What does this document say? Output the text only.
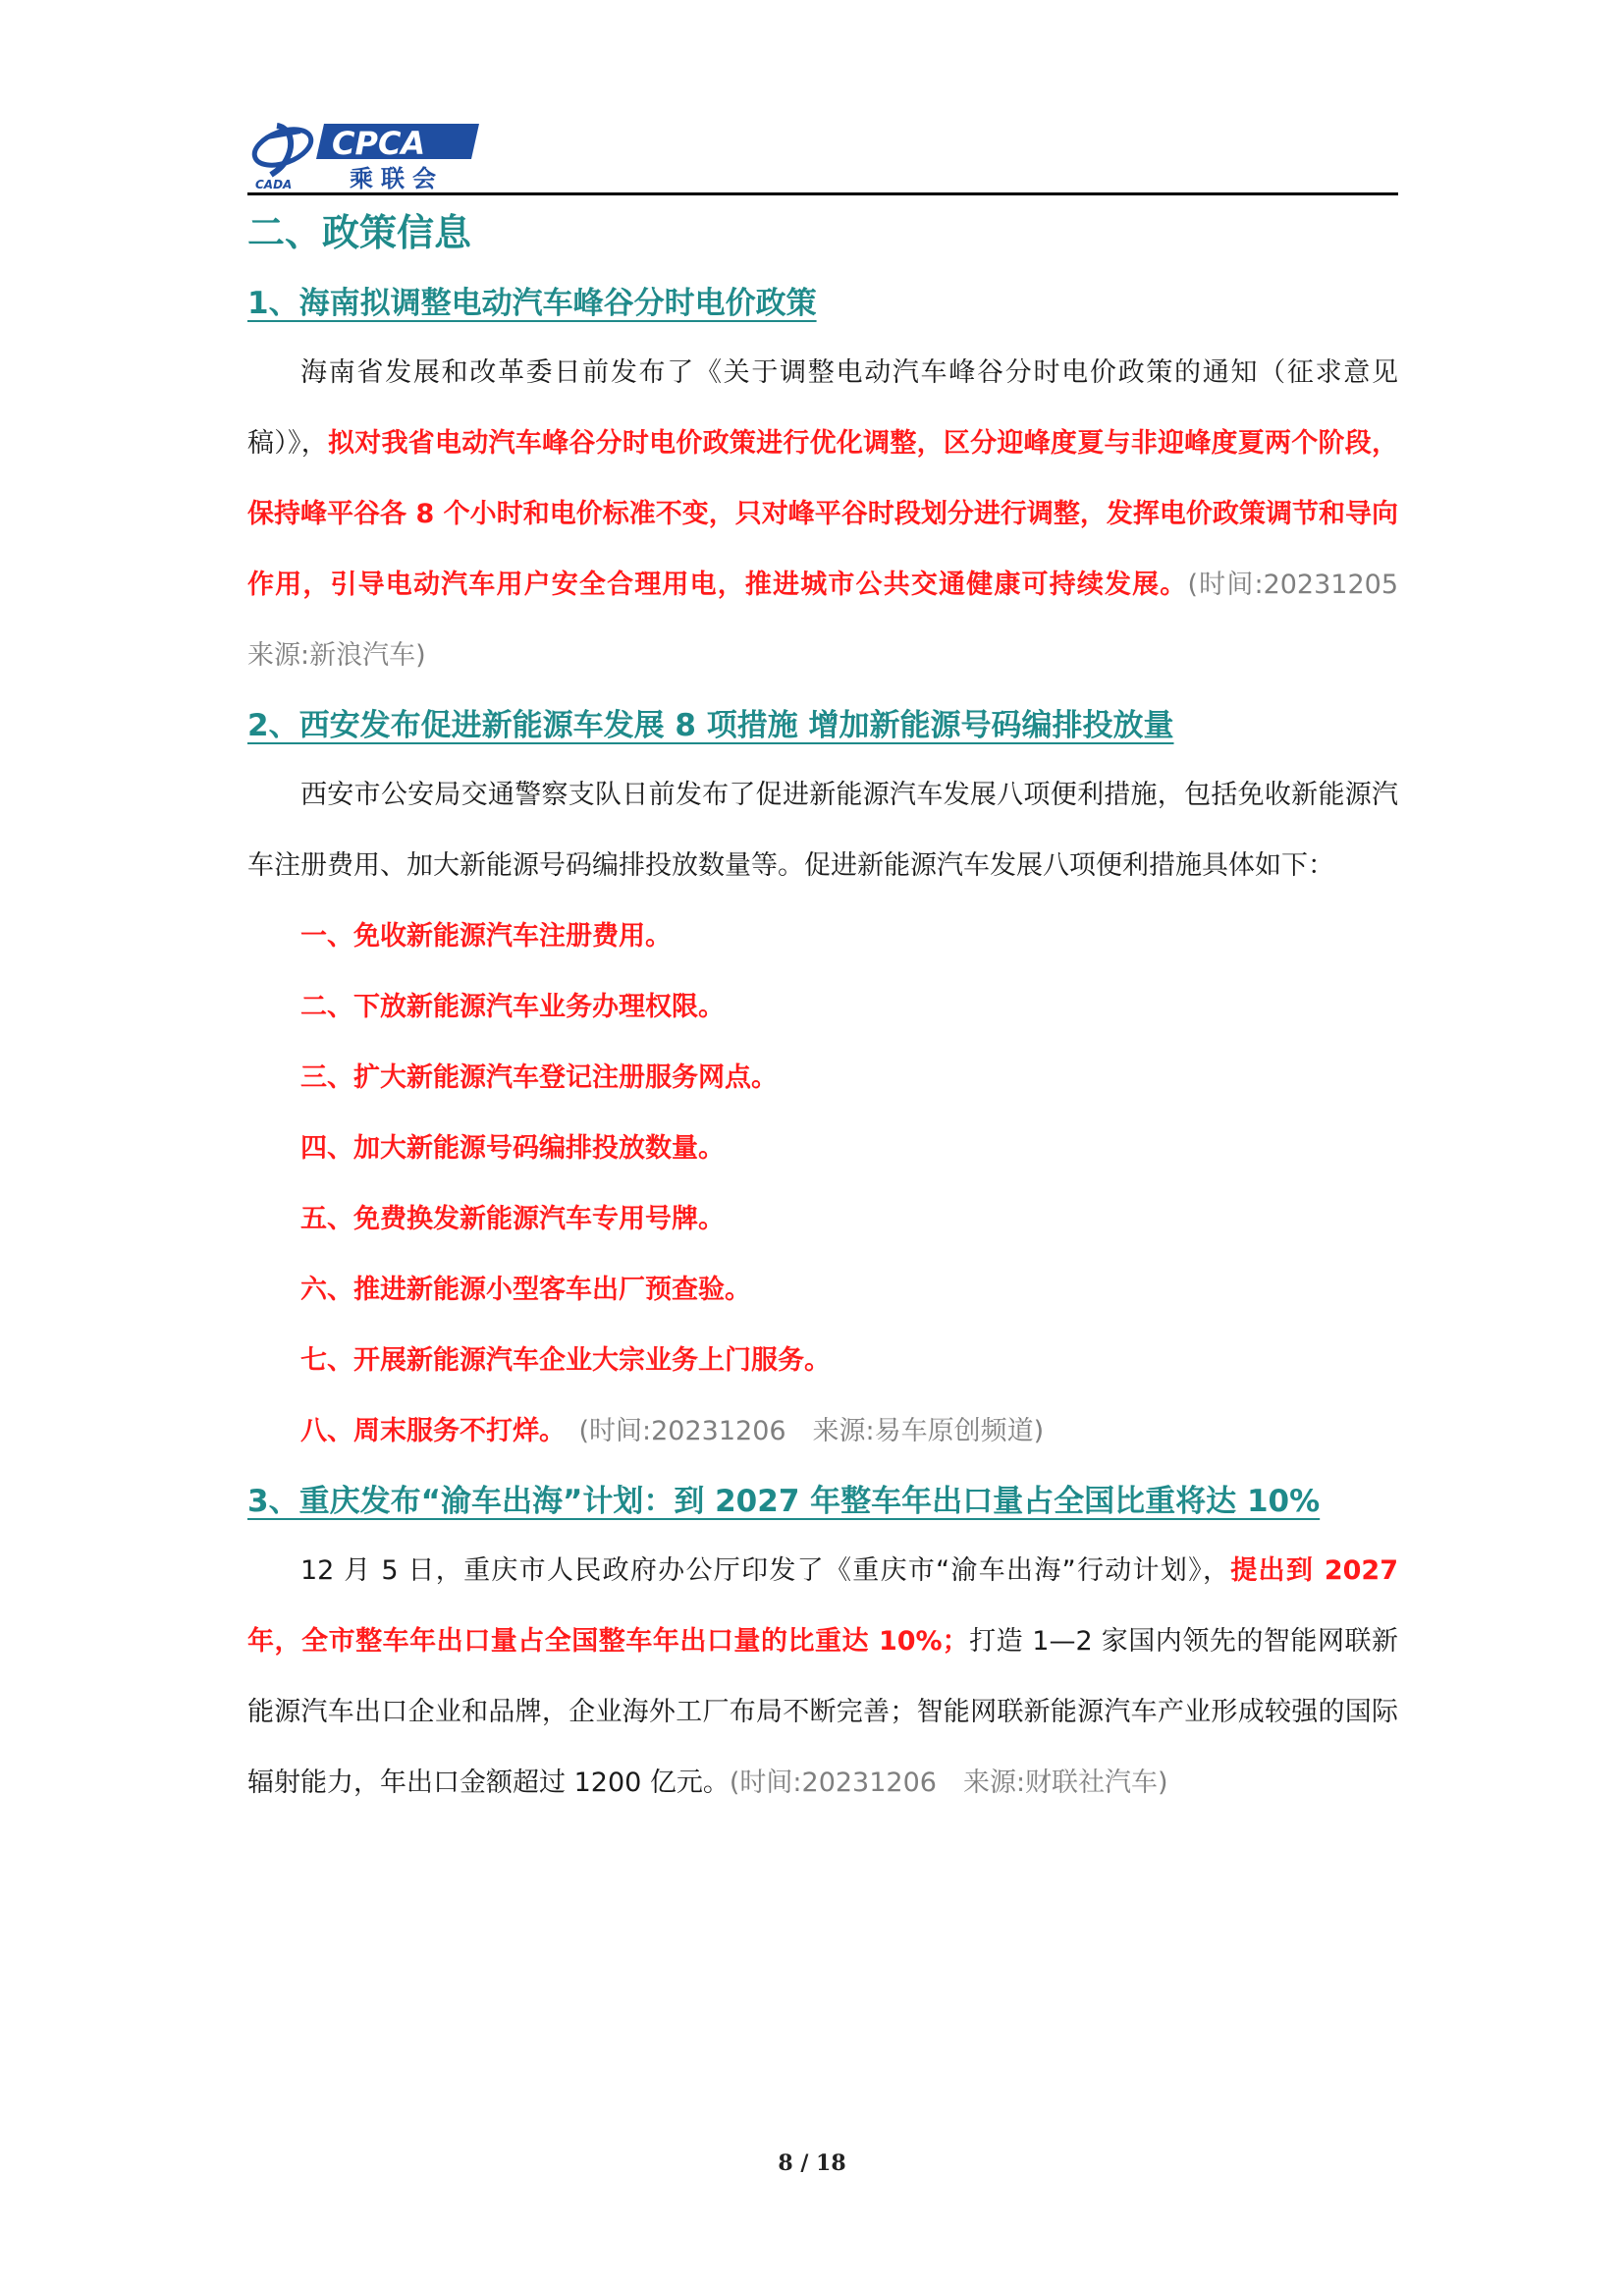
CADA
CPCA
乘联会
二、政策信息
1、海南拟调整电动汽车峰谷分时电价政策

海南省发展和改革委日前发布了《关于调整电动汽车峰谷分时电价政策的通知（征求意见稿）》，拟对我省电动汽车峰谷分时电价政策进行优化调整，区分迎峰度夏与非迎峰度夏两个阶段，保持峰平谷各 8 个小时和电价标准不变，只对峰平谷时段划分进行调整，发挥电价政策调节和导向作用，引导电动汽车用户安全合理用电，推进城市公共交通健康可持续发展。(时间:20231205　来源:新浪汽车)

2、西安发布促进新能源车发展 8 项措施 增加新能源号码编排投放量

西安市公安局交通警察支队日前发布了促进新能源汽车发展八项便利措施，包括免收新能源汽车注册费用、加大新能源号码编排投放数量等。促进新能源汽车发展八项便利措施具体如下：

一、免收新能源汽车注册费用。
二、下放新能源汽车业务办理权限。
三、扩大新能源汽车登记注册服务网点。
四、加大新能源号码编排投放数量。
五、免费换发新能源汽车专用号牌。
六、推进新能源小型客车出厂预查验。
七、开展新能源汽车企业大宗业务上门服务。
八、周末服务不打烊。　 (时间:20231206　来源:易车原创频道)
3、重庆发布“渝车出海”计划：到 2027 年整车年出口量占全国比重将达 10%

12 月 5 日，重庆市人民政府办公厅印发了《重庆市“渝车出海”行动计划》，提出到 2027 年，全市整车年出口量占全国整车年出口量的比重达 10%；打造 1—2 家国内领先的智能网联新能源汽车出口企业和品牌，企业海外工厂布局不断完善；智能网联新能源汽车产业形成较强的国际辐射能力，年出口金额超过 1200 亿元。(时间:20231206　来源:财联社汽车)

8 / 18
